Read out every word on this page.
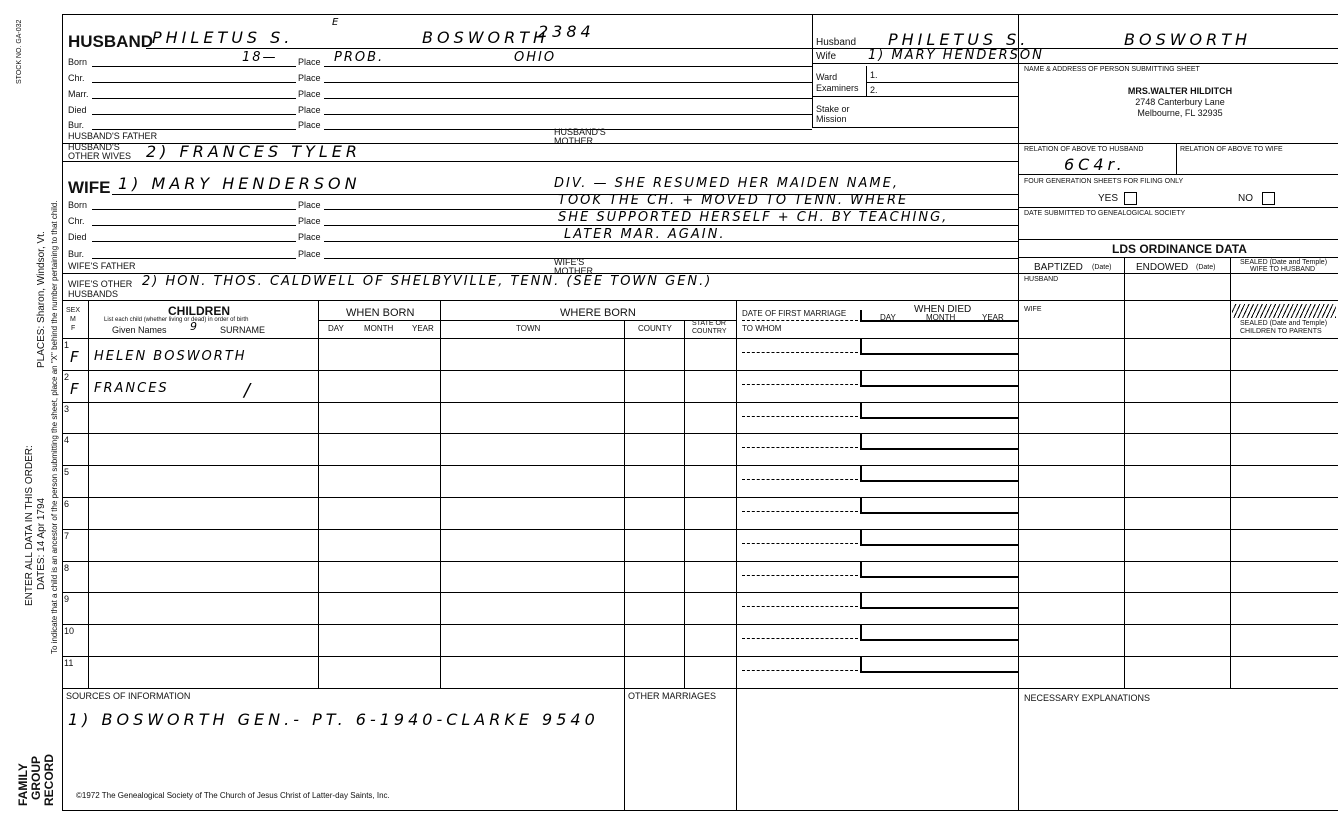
STOCK NO. GA-032
PLACES: Sharon, Windsor, Vt. To indicate that a child is an ancestor of the person submitting the sheet, place an "X" behind the number pertaining to that child.
ENTER ALL DATA IN THIS ORDER: DATES: 14 Apr 1794
FAMILY GROUP RECORD
HUSBAND PHILETUS S.
E
BOSWORTH
2384
Born	18— Place PROB.	OHIO
Chr.	Place
Marr.	Place
Died	Place
Bur.	Place
HUSBAND'S FATHER	HUSBAND'S
MOTHER
HUSBAND'S
OTHER WIVES 2) FRANCES TYLER
WIFE 1) MARY HENDERSON	DIV. — SHE RESUMED HER MAIDEN NAME,
TOOK THE CH. + MOVED TO TENN. WHERE
SHE SUPPORTED HERSELF + CH. BY TEACHING,
LATER MAR. AGAIN.
Born	Place
Chr.	Place
Died	Place
Bur.	Place
WIFE'S FATHER	WIFE'S
MOTHER
WIFE'S OTHER
HUSBANDS
2) HON. THOS. CALDWELL OF SHELBYVILLE, TENN. (SEE TOWN GEN.)
SEX
M
F
CHILDREN
List each child (whether living or dead) in order of birth
Given Names 9 SURNAME
WHEN BORN
DAY	MONTH YEAR
WHERE BORN
TOWN	COUNTY
STATE OR
COUNTRY
DATE OF FIRST MARRIAGE
TO WHOM
WHEN DIED
DAY	MONTH	YEAR
1
F HELEN BOSWORTH
2
F FRANCES
3
4
5
6
7
8
9
10
11
SOURCES OF INFORMATION
1) BOSWORTH GEN.- PT. 6-1940-CLARKE 9540
OTHER MARRIAGES
©1972 The Genealogical Society of The Church of Jesus Christ of Latter-day Saints, Inc.
Husband PHILETUS S.	BOSWORTH
Wife 1) MARY HENDERSON
Ward
Examiners
1.
2.
Stake or
Mission
NAME & ADDRESS OF PERSON SUBMITTING SHEET
MRS.WALTER HILDITCH
2748 Canterbury Lane
Melbourne, FL 32935
RELATION OF ABOVE TO HUSBAND	RELATION OF ABOVE TO WIFE
6C4r.
FOUR GENERATION SHEETS FOR FILING ONLY
YES	NO
DATE SUBMITTED TO GENEALOGICAL SOCIETY
LDS ORDINANCE DATA
BAPTIZED (Date) ENDOWED (Date)
SEALED (Date and Temple)
WIFE TO HUSBAND
HUSBAND
WIFE
SEALED (Date and Temple)
CHILDREN TO PARENTS
NECESSARY EXPLANATIONS
/
